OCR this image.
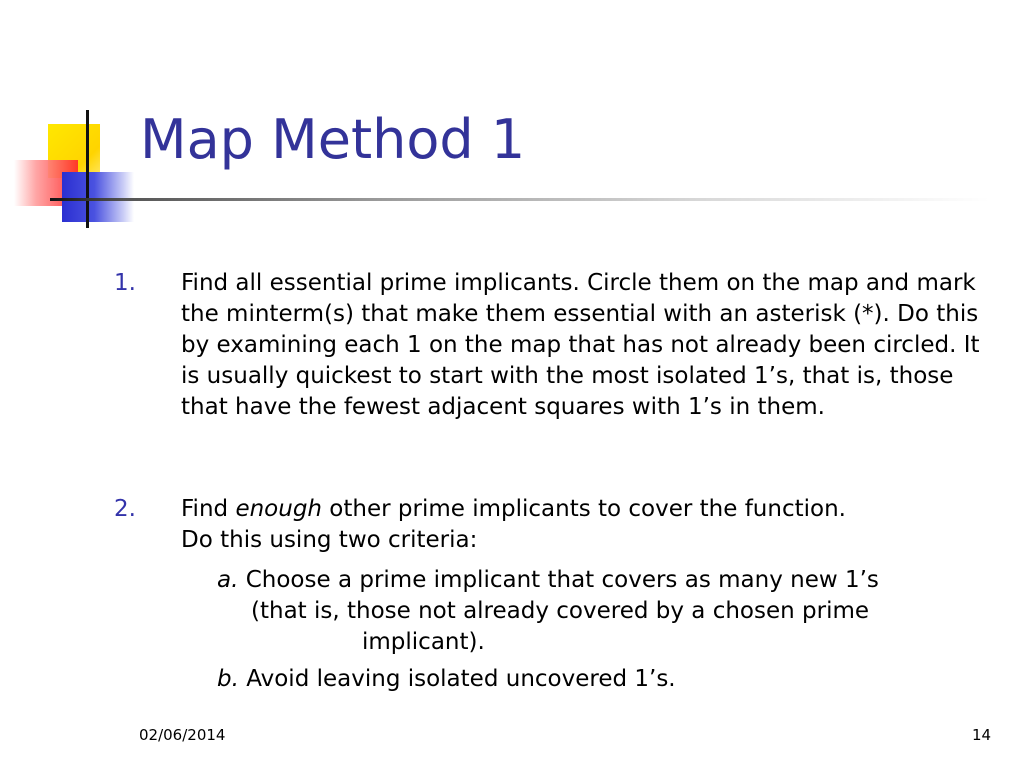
Map Method 1
1. Find all essential prime implicants. Circle them on the map and mark the minterm(s) that make them essential with an asterisk (*). Do this by examining each 1 on the map that has not already been circled. It is usually quickest to start with the most isolated 1’s, that is, those that have the fewest adjacent squares with 1’s in them.
2. Find enough other prime implicants to cover the function.
Do this using two criteria:
a. Choose a prime implicant that covers as many new 1’s
(that is, those not already covered by a chosen prime
implicant).
b. Avoid leaving isolated uncovered 1’s.
02/06/2014	14
